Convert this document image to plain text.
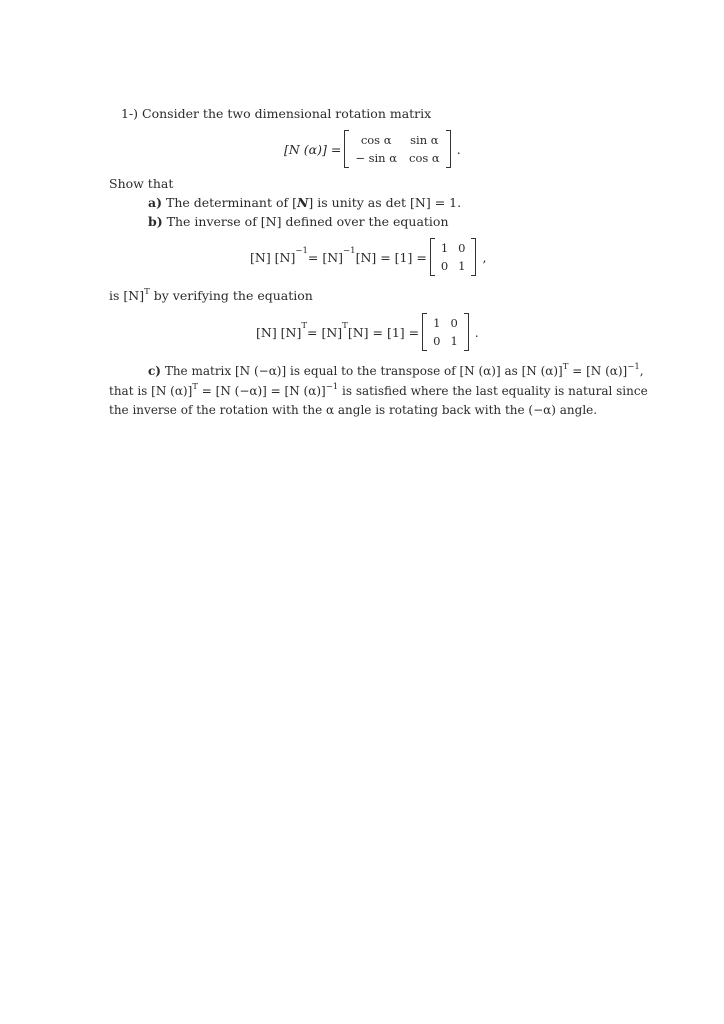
1-) Consider the two dimensional rotation matrix
[N (α)] =
cos α	sin α
− sin α cos α
.
Show that
a) The determinant of [N] is unity as det [N] = 1.
b) The inverse of [N] defined over the equation
[N] [N] −1 = [N] −1 [N] = [1] =
1 0
0 1
,
is $[N]^T$ by verifying the equation
[N] [N] T = [N] T [N] = [1] =
1 0
0 1
.
c) The matrix [N (−α)] is equal to the transpose of [N (α)] as [N (α)]$^T$ = [N (α)]$^{-1}$,
that is [N (α)]$^T$ = [N (−α)] = [N (α)]$^{-1}$ is satisfied where the last equality is natural since
the inverse of the rotation with the α angle is rotating back with the (−α) angle.
